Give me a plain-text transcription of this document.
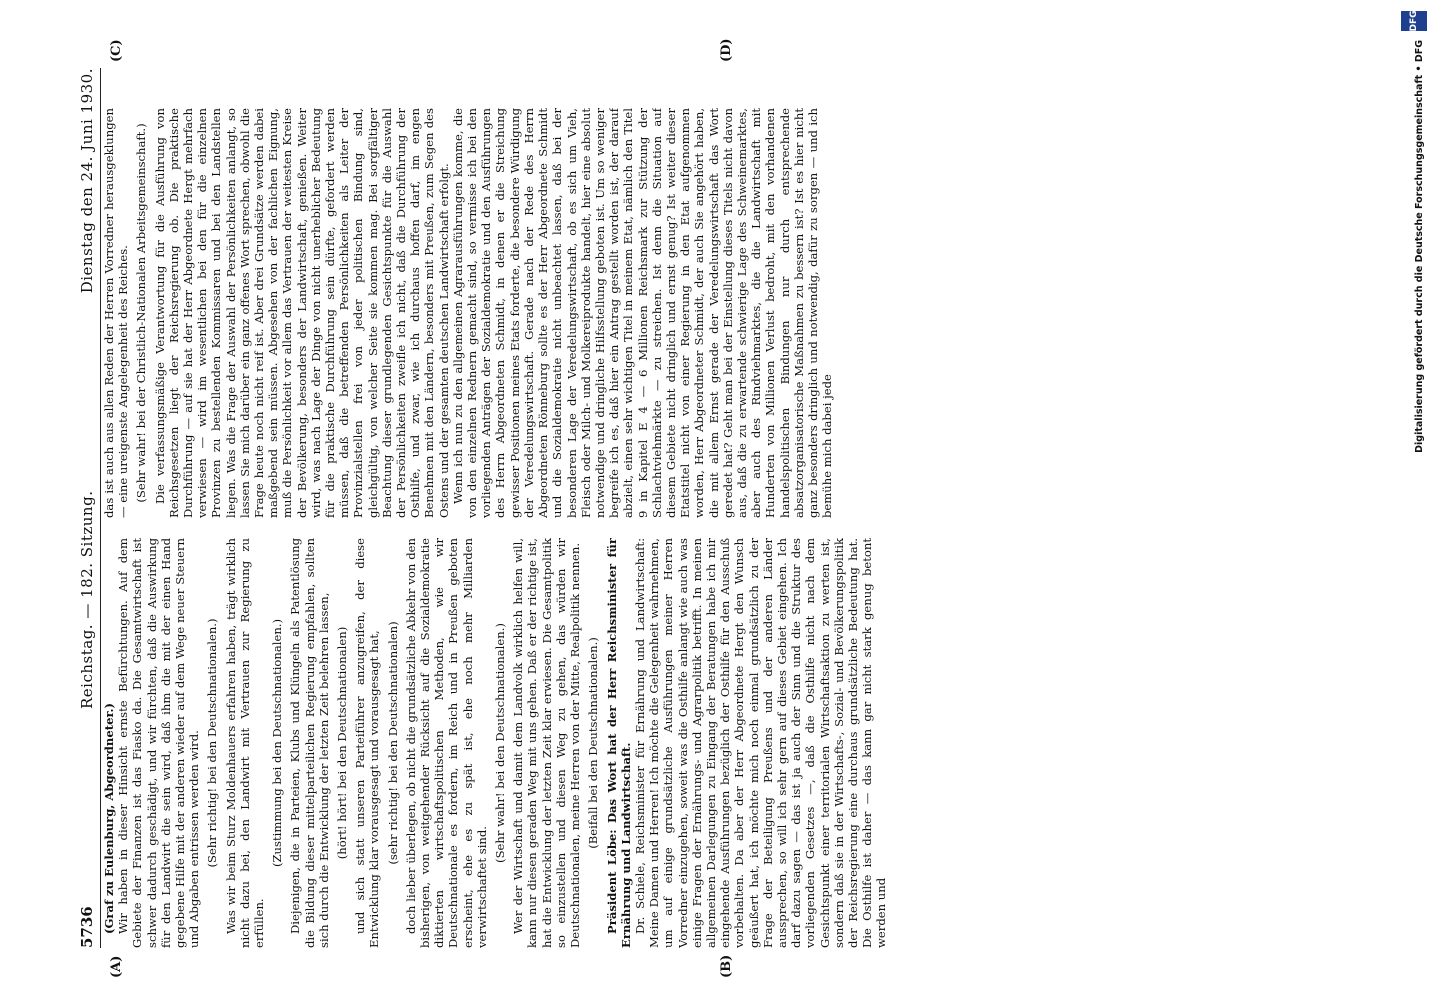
5736
Reichstag. — 182. Sitzung.
Dienstag den 24. Juni 1930.

(Graf zu Eulenburg, Abgeordneter.) Wir haben in dieser Hinsicht ernste Befürchtungen. Auf dem Gebiete der Finanzen ist das Fiasko da. Die Gesamtwirtschaft ist schwer dadurch geschädigt, und wir fürchten, daß die Auswirkung für den Landwirt die sein wird, daß ihm die mit der einen Hand gegebene Hilfe mit der anderen wieder auf dem Wege neuer Steuern und Abgaben entrissen werden wird. (Sehr richtig! bei den Deutschnationalen.) Was wir beim Sturz Moldenhauers erfahren haben, trägt wirklich nicht dazu bei, den Landwirt mit Vertrauen zur Regierung zu erfüllen.

(Zustimmung bei den Deutschnationalen.) Diejenigen, die in Parteien, Klubs und Klüngeln als Patentlösung die Bildung dieser mittelparteilichen Regierung empfahlen, sollten sich durch die Entwicklung der letzten Zeit belehren lassen, (hört! hört! bei den Deutschnationalen) und sich statt unseren Parteiführer anzugreifen, der diese Entwicklung klar vorausgesagt und vorausgesagt hat, (sehr richtig! bei den Deutschnationalen) doch lieber überlegen, ob nicht die grundsätzliche Abkehr von den bisherigen, von weitgehender Rücksicht auf die Sozialdemokratie diktierten wirtschaftspolitischen Methoden, wie wir Deutschnationale es fordern, im Reich und in Preußen geboten erscheint, ehe es zu spät ist, ehe noch mehr Milliarden verwirtschaftet sind.

(Sehr wahr! bei den Deutschnationalen.) Wer der Wirtschaft und damit dem Landvolk wirklich helfen will, kann nur diesen geraden Weg mit uns gehen. Daß er der richtige ist, hat die Entwicklung der letzten Zeit klar erwiesen. Die Gesamtpolitik so einzustellen und diesen Weg zu gehen, das würden wir Deutschnationalen, meine Herren von der Mitte, Realpolitik nennen. (Beifall bei den Deutschnationalen.) Präsident Löbe: Das Wort hat der Herr Reichsminister für Ernährung und Landwirtschaft. Dr. Schiele, Reichsminister für Ernährung und Landwirtschaft: Meine Damen und Herren! Ich möchte die Gelegenheit wahrnehmen, um auf einige grundsätzliche Ausführungen meiner Herren Vorredner einzugehen, soweit was die Osthilfe anlangt wie auch was einige Fragen der Ernährungs- und Agrarpolitik betrifft. In meinen allgemeinen Darlegungen zu Eingang der Beratungen habe ich mir eingehende Ausführungen bezüglich der Osthilfe für den Ausschuß vorbehalten. Da aber der Herr Abgeordnete Hergt den Wunsch geäußert hat, ich möchte mich noch einmal grundsätzlich zu der Frage der Beteiligung Preußens und der anderen Länder aussprechen, so will ich sehr gern auf dieses Gebiet eingehen. Ich darf dazu sagen — das ist ja auch der Sinn und die Struktur des vorliegenden Gesetzes —, daß die Osthilfe nicht nach dem Gesichtspunkt einer territorialen Wirtschaftsaktion zu werten ist, sondern daß sie in der Wirtschafts-, Sozial- und Bevölkerungspolitik der Reichsregierung eine durchaus grundsätzliche Bedeutung hat. Die Osthilfe ist daher — das kann gar nicht stark genug betont werden und

das ist auch aus allen Reden der Herren Vorredner herausgeklungen — eine ureigenste Angelegenheit des Reiches. (Sehr wahr! bei der Christlich-Nationalen Arbeitsgemeinschaft.) Die verfassungsmäßige Verantwortung für die Ausführung von Reichsgesetzen liegt der Reichsregierung ob. Die praktische Durchführung — auf sie hat der Herr Abgeordnete Hergt mehrfach verwiesen — wird im wesentlichen bei den für die einzelnen Provinzen zu bestellenden Kommissaren und bei den Landstellen liegen. Was die Frage der Auswahl der Persönlichkeiten anlangt, so lassen Sie mich darüber ein ganz offenes Wort sprechen, obwohl die Frage heute noch nicht reif ist. Aber drei Grundsätze werden dabei maßgebend sein müssen. Abgesehen von der fachlichen Eignung, muß die Persönlichkeit vor allem das Vertrauen der weitesten Kreise der Bevölkerung, besonders der Landwirtschaft, genießen. Weiter wird, was nach Lage der Dinge von nicht unerheblicher Bedeutung für die praktische Durchführung sein dürfte, gefordert werden müssen, daß die betreffenden Persönlichkeiten als Leiter der Provinzialstellen frei von jeder politischen Bindung sind, gleichgültig, von welcher Seite sie kommen mag. Bei sorgfältiger Beachtung dieser grundlegenden Gesichtspunkte für die Auswahl der Persönlichkeiten zweifle ich nicht, daß die Durchführung der Osthilfe, und zwar, wie ich durchaus hoffen darf, im engen Benehmen mit den Ländern, besonders mit Preußen, zum Segen des Ostens und der gesamten deutschen Landwirtschaft erfolgt. Wenn ich nun zu den allgemeinen Agrarausführungen komme, die von den einzelnen Rednern gemacht sind, so vermisse ich bei den vorliegenden Anträgen der Sozialdemokratie und den Ausführungen des Herrn Abgeordneten Schmidt, in denen er die Streichung gewisser Positionen meines Etats forderte, die besondere Würdigung der Veredelungswirtschaft. Gerade nach der Rede des Herrn Abgeordneten Rönneburg sollte es der Herr Abgeordnete Schmidt und die Sozialdemokratie nicht unbeachtet lassen, daß bei der besonderen Lage der Veredelungswirtschaft, ob es sich um Vieh, Fleisch oder Milch- und Molkereiprodukte handelt, hier eine absolut notwendige und dringliche Hilfsstellung geboten ist. Um so weniger begreife ich es, daß hier ein Antrag gestellt worden ist, der darauf abzielt, einen sehr wichtigen Titel in meinem Etat, nämlich den Titel 9 in Kapitel E 4 — 6 Millionen Reichsmark zur Stützung der Schlachtviehmärkte — zu streichen. Ist denn die Situation auf diesem Gebiete nicht dringlich und ernst genug? Ist weiter dieser Etatstitel nicht von einer Regierung in den Etat aufgenommen worden, Herr Abgeordneter Schmidt, der auch Sie angehört haben, die mit allem Ernst gerade der Veredelungswirtschaft das Wort geredet hat? Geht man bei der Einstellung dieses Titels nicht davon aus, daß die zu erwartende schwierige Lage des Schweinemarktes, aber auch des Rindviehmarktes, die die Landwirtschaft mit Hunderten von Millionen Verlust bedroht, mit den vorhandenen handelspolitischen Bindungen nur durch entsprechende absatzorganisatorische Maßnahmen zu bessern ist? Ist es hier nicht ganz besonders dringlich und notwendig, dafür zu sorgen — und ich bemühe mich dabei jede

(A)	(B)
(C)	(D)
DFG
Digitalisierung gefördert durch die Deutsche Forschungsgemeinschaft • DFG
